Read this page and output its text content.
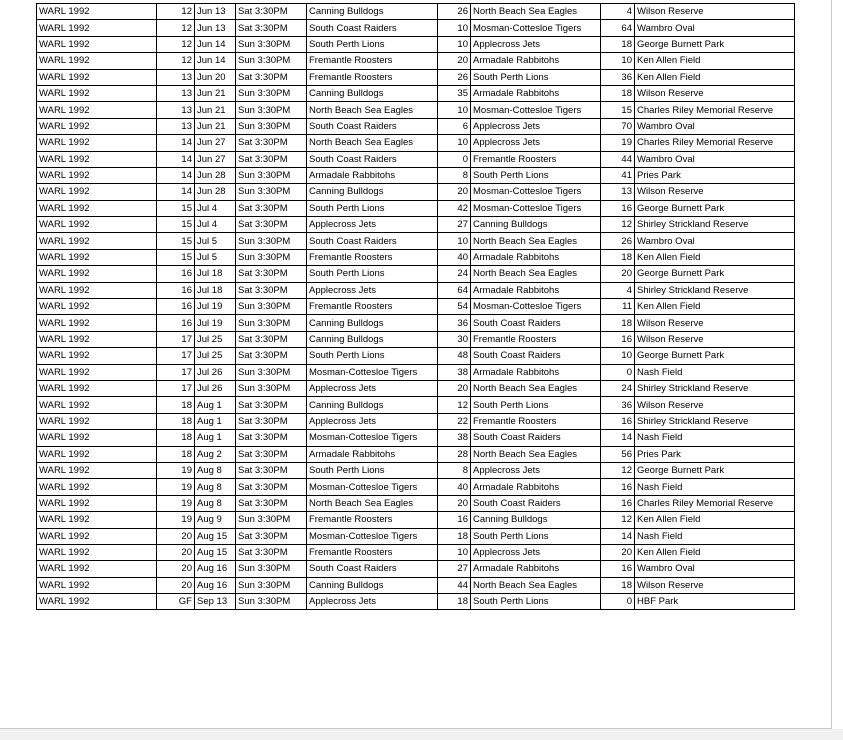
WARL 1992	12	Jun 13	Sat 3:30PM	Canning Bulldogs	26	North Beach Sea Eagles	4	Wilson Reserve
WARL 1992	12	Jun 13	Sat 3:30PM	South Coast Raiders	10	Mosman-Cottesloe Tigers	64	Wambro Oval
WARL 1992	12	Jun 14	Sun 3:30PM	South Perth Lions	10	Applecross Jets	18	George Burnett Park
WARL 1992	12	Jun 14	Sun 3:30PM	Fremantle Roosters	20	Armadale Rabbitohs	10	Ken Allen Field
WARL 1992	13	Jun 20	Sat 3:30PM	Fremantle Roosters	26	South Perth Lions	36	Ken Allen Field
WARL 1992	13	Jun 21	Sun 3:30PM	Canning Bulldogs	35	Armadale Rabbitohs	18	Wilson Reserve
WARL 1992	13	Jun 21	Sun 3:30PM	North Beach Sea Eagles	10	Mosman-Cottesloe Tigers	15	Charles Riley Memorial Reserve
WARL 1992	13	Jun 21	Sun 3:30PM	South Coast Raiders	6	Applecross Jets	70	Wambro Oval
WARL 1992	14	Jun 27	Sat 3:30PM	North Beach Sea Eagles	10	Applecross Jets	19	Charles Riley Memorial Reserve
WARL 1992	14	Jun 27	Sat 3:30PM	South Coast Raiders	0	Fremantle Roosters	44	Wambro Oval
WARL 1992	14	Jun 28	Sun 3:30PM	Armadale Rabbitohs	8	South Perth Lions	41	Pries Park
WARL 1992	14	Jun 28	Sun 3:30PM	Canning Bulldogs	20	Mosman-Cottesloe Tigers	13	Wilson Reserve
WARL 1992	15	Jul 4	Sat 3:30PM	South Perth Lions	42	Mosman-Cottesloe Tigers	16	George Burnett Park
WARL 1992	15	Jul 4	Sat 3:30PM	Applecross Jets	27	Canning Bulldogs	12	Shirley Strickland Reserve
WARL 1992	15	Jul 5	Sun 3:30PM	South Coast Raiders	10	North Beach Sea Eagles	26	Wambro Oval
WARL 1992	15	Jul 5	Sun 3:30PM	Fremantle Roosters	40	Armadale Rabbitohs	18	Ken Allen Field
WARL 1992	16	Jul 18	Sat 3:30PM	South Perth Lions	24	North Beach Sea Eagles	20	George Burnett Park
WARL 1992	16	Jul 18	Sat 3:30PM	Applecross Jets	64	Armadale Rabbitohs	4	Shirley Strickland Reserve
WARL 1992	16	Jul 19	Sun 3:30PM	Fremantle Roosters	54	Mosman-Cottesloe Tigers	11	Ken Allen Field
WARL 1992	16	Jul 19	Sun 3:30PM	Canning Bulldogs	36	South Coast Raiders	18	Wilson Reserve
WARL 1992	17	Jul 25	Sat 3:30PM	Canning Bulldogs	30	Fremantle Roosters	16	Wilson Reserve
WARL 1992	17	Jul 25	Sat 3:30PM	South Perth Lions	48	South Coast Raiders	10	George Burnett Park
WARL 1992	17	Jul 26	Sun 3:30PM	Mosman-Cottesloe Tigers	38	Armadale Rabbitohs	0	Nash Field
WARL 1992	17	Jul 26	Sun 3:30PM	Applecross Jets	20	North Beach Sea Eagles	24	Shirley Strickland Reserve
WARL 1992	18	Aug 1	Sat 3:30PM	Canning Bulldogs	12	South Perth Lions	36	Wilson Reserve
WARL 1992	18	Aug 1	Sat 3:30PM	Applecross Jets	22	Fremantle Roosters	16	Shirley Strickland Reserve
WARL 1992	18	Aug 1	Sat 3:30PM	Mosman-Cottesloe Tigers	38	South Coast Raiders	14	Nash Field
WARL 1992	18	Aug 2	Sat 3:30PM	Armadale Rabbitohs	28	North Beach Sea Eagles	56	Pries Park
WARL 1992	19	Aug 8	Sat 3:30PM	South Perth Lions	8	Applecross Jets	12	George Burnett Park
WARL 1992	19	Aug 8	Sat 3:30PM	Mosman-Cottesloe Tigers	40	Armadale Rabbitohs	16	Nash Field
WARL 1992	19	Aug 8	Sat 3:30PM	North Beach Sea Eagles	20	South Coast Raiders	16	Charles Riley Memorial Reserve
WARL 1992	19	Aug 9	Sun 3:30PM	Fremantle Roosters	16	Canning Bulldogs	12	Ken Allen Field
WARL 1992	20	Aug 15	Sat 3:30PM	Mosman-Cottesloe Tigers	18	South Perth Lions	14	Nash Field
WARL 1992	20	Aug 15	Sat 3:30PM	Fremantle Roosters	10	Applecross Jets	20	Ken Allen Field
WARL 1992	20	Aug 16	Sun 3:30PM	South Coast Raiders	27	Armadale Rabbitohs	16	Wambro Oval
WARL 1992	20	Aug 16	Sun 3:30PM	Canning Bulldogs	44	North Beach Sea Eagles	18	Wilson Reserve
WARL 1992	GF	Sep 13	Sun 3:30PM	Applecross Jets	18	South Perth Lions	0	HBF Park
